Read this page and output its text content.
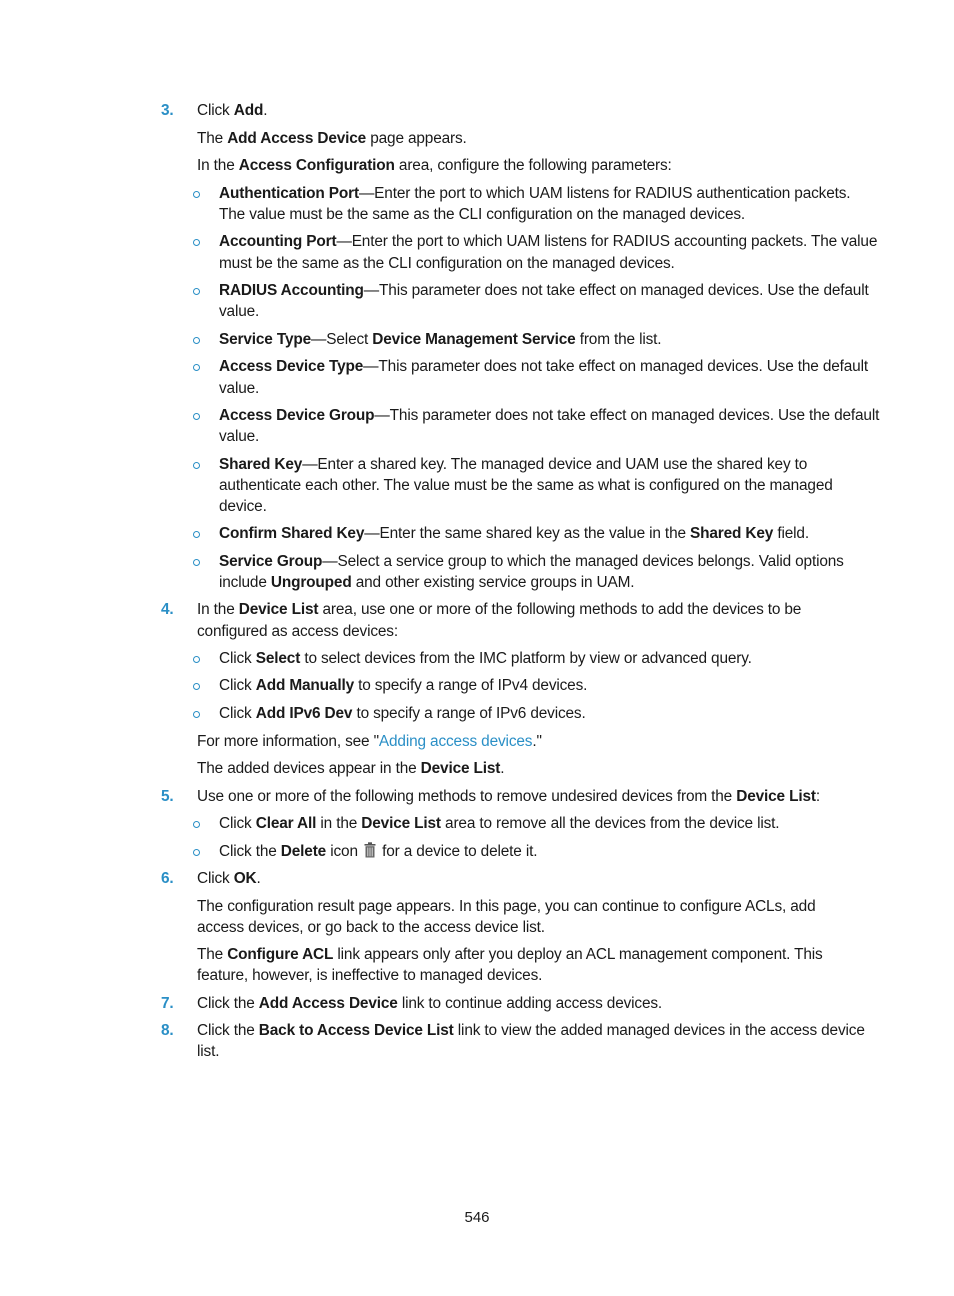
3. Click Add.

The Add Access Device page appears.

In the Access Configuration area, configure the following parameters:

Authentication Port—Enter the port to which UAM listens for RADIUS authentication packets.

The value must be the same as the CLI configuration on the managed devices.

Accounting Port—Enter the port to which UAM listens for RADIUS accounting packets. The value

must be the same as the CLI configuration on the managed devices.

RADIUS Accounting—This parameter does not take effect on managed devices. Use the default

value.

Service Type—Select Device Management Service from the list.

Access Device Type—This parameter does not take effect on managed devices. Use the default

value.

Access Device Group—This parameter does not take effect on managed devices. Use the default

value.

Shared Key—Enter a shared key. The managed device and UAM use the shared key to

authenticate each other. The value must be the same as what is configured on the managed

device.

Confirm Shared Key—Enter the same shared key as the value in the Shared Key field.

Service Group—Select a service group to which the managed devices belongs. Valid options

include Ungrouped and other existing service groups in UAM.

4. In the Device List area, use one or more of the following methods to add the devices to be

configured as access devices:

Click Select to select devices from the IMC platform by view or advanced query.

Click Add Manually to specify a range of IPv4 devices.

Click Add IPv6 Dev to specify a range of IPv6 devices.

For more information, see "Adding access devices."

The added devices appear in the Device List.

5. Use one or more of the following methods to remove undesired devices from the Device List:

Click Clear All in the Device List area to remove all the devices from the device list.

Click the Delete icon  for a device to delete it.

6. Click OK.

The configuration result page appears. In this page, you can continue to configure ACLs, add

access devices, or go back to the access device list.

The Configure ACL link appears only after you deploy an ACL management component. This

feature, however, is ineffective to managed devices.

7. Click the Add Access Device link to continue adding access devices.

8. Click the Back to Access Device List link to view the added managed devices in the access device

list.

546
